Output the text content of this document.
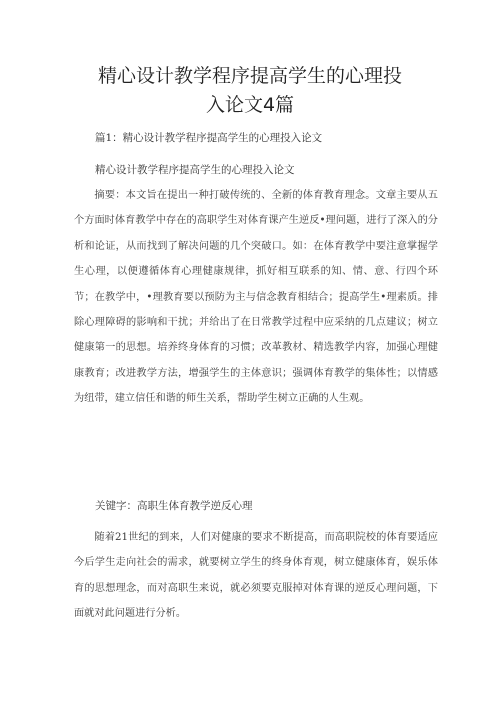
精心设计教学程序提高学生的心理投
入论文4篇

篇1：精心设计教学程序提高学生的心理投入论文

精心设计教学程序提高学生的心理投入论文

摘要：本文旨在提出一种打破传统的、全新的体育教育理念。文章主要从五个方面时体育教学中存在的高职学生对体育课产生逆反•理问题，进行了深入的分析和论证，从而找到了解决问题的几个突破口。如：在体育教学中要注意掌握学生心理，以便遵循体育心理健康规律，抓好相互联系的知、情、意、行四个环节；在教学中，•理教育要以预防为主与信念教育相结合；提高学生•理素质。排除心理障碍的影响和干扰；并给出了在日常教学过程中应采纳的几点建议；树立健康第一的思想。培养终身体育的习惯；改革教材、精选教学内容，加强心理健康教育；改进教学方法，增强学生的主体意识；强调体育教学的集体性；以情感为纽带，建立信任和谐的师生关系，帮助学生树立正确的人生观。

关键字：高职生体育教学逆反心理

随着21世纪的到来，人们对健康的要求不断提高，而高职院校的体育要适应今后学生走向社会的需求，就要树立学生的终身体育观，树立健康体育，娱乐体育的思想理念，而对高职生来说，就必须要克服掉对体育课的逆反心理问题，下面就对此问题进行分析。
